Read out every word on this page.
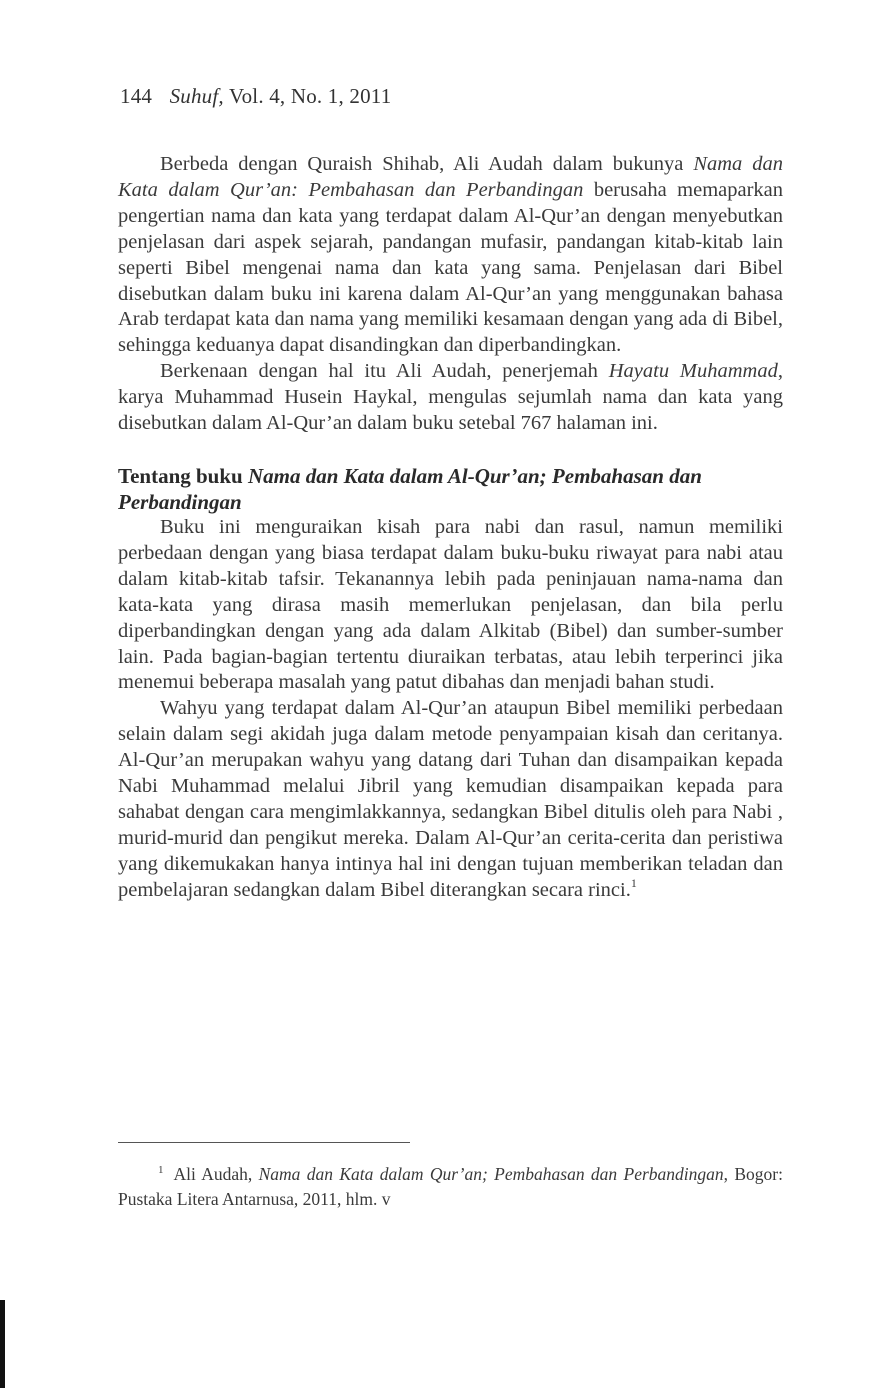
144 Suhuf, Vol. 4, No. 1, 2011

Berbeda dengan Quraish Shihab, Ali Audah dalam bukunya Nama dan Kata dalam Qur’an: Pembahasan dan Perbandingan berusaha memaparkan pengertian nama dan kata yang terdapat dalam Al-Qur’an dengan menyebutkan penjelasan dari aspek sejarah, pandangan mufasir, pandangan kitab-kitab lain seperti Bibel mengenai nama dan kata yang sama. Penjelasan dari Bibel disebutkan dalam buku ini karena dalam Al-Qur’an yang menggunakan bahasa Arab terdapat kata dan nama yang memiliki kesamaan dengan yang ada di Bibel, sehingga keduanya dapat disandingkan dan diperbandingkan.

Berkenaan dengan hal itu Ali Audah, penerjemah Hayatu Muhammad, karya Muhammad Husein Haykal, mengulas sejumlah nama dan kata yang disebutkan dalam Al-Qur’an dalam buku setebal 767 halaman ini.

Tentang buku Nama dan Kata dalam Al-Qur’an; Pembahasan dan Perbandingan

Buku ini menguraikan kisah para nabi dan rasul, namun memiliki perbedaan dengan yang biasa terdapat dalam buku-buku riwayat para nabi atau dalam kitab-kitab tafsir. Tekanannya lebih pada peninjauan nama-nama dan kata-kata yang dirasa masih memerlukan penjelasan, dan bila perlu diperbandingkan dengan yang ada dalam Alkitab (Bibel) dan sumber-sumber lain. Pada bagian-bagian tertentu diuraikan terbatas, atau lebih terperinci jika menemui beberapa masalah yang patut dibahas dan menjadi bahan studi.

Wahyu yang terdapat dalam Al-Qur’an ataupun Bibel memiliki perbedaan selain dalam segi akidah juga dalam metode penyampaian kisah dan ceritanya. Al-Qur’an merupakan wahyu yang datang dari Tuhan dan disampaikan kepada Nabi Muhammad melalui Jibril yang kemudian disampaikan kepada para sahabat dengan cara mengimlakkannya, sedangkan Bibel ditulis oleh para Nabi , murid-murid dan pengikut mereka. Dalam Al-Qur’an cerita-cerita dan peristiwa yang dikemukakan hanya intinya hal ini dengan tujuan memberikan teladan dan pembelajaran sedangkan dalam Bibel diterangkan secara rinci.$^1$

$^1$ Ali Audah, Nama dan Kata dalam Qur’an; Pembahasan dan Perbandingan, Bogor: Pustaka Litera Antarnusa, 2011, hlm. v
